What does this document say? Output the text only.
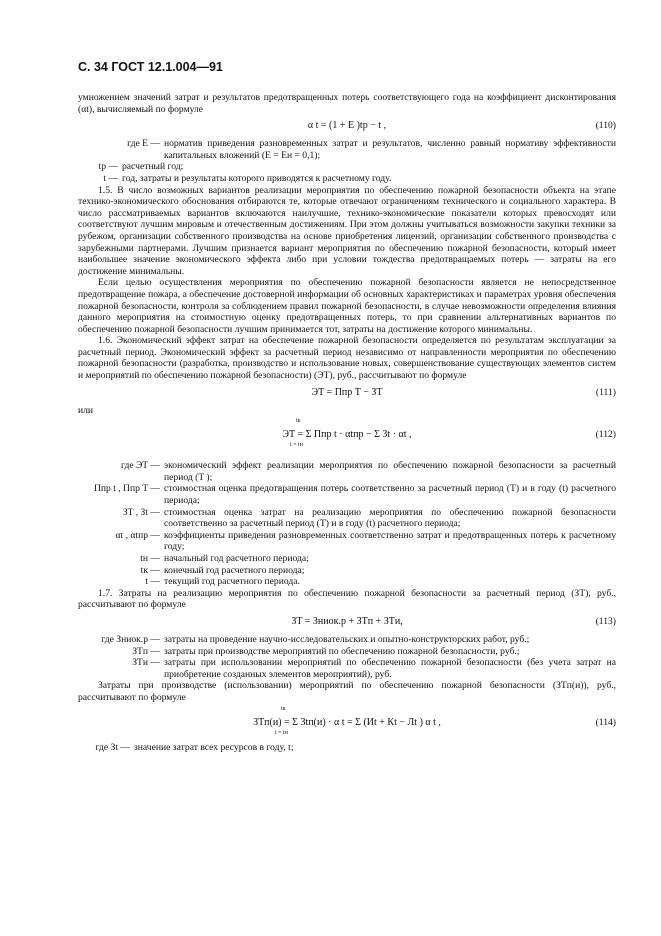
С. 34 ГОСТ 12.1.004—91

умножением значений затрат и результатов предотвращенных потерь соответствующего года на коэффициент дисконтирования (αt), вычисляемый по формуле

α t = (1 + E )tр − t ,	(110)
где E — норматив приведения разновременных затрат и результатов, численно равный нормативу эффективности капитальных вложений (E = Eн = 0,1);
tр — расчетный год;
t — год, затраты и результаты которого приводятся к расчетному году.

1.5. В число возможных вариантов реализации мероприятия по обеспечению пожарной безопасности объекта на этапе технико-экономического обоснования отбираются те, которые отвечают ограничениям технического и социального характера. В число рассматриваемых вариантов включаются наилучшие, технико-экономические показатели которых превосходят или соответствуют лучшим мировым и отечественным достижениям. При этом должны учитываться возможности закупки техники за рубежом, организации собственного производства на основе приобретения лицензий, организации собственного производства с зарубежными партнерами. Лучшим признается вариант мероприятия по обеспечению пожарной безопасности, который имеет наибольшее значение экономического эффекта либо при условии тождества предотвращаемых потерь — затраты на его достижение минимальны.

Если целью осуществления мероприятия по обеспечению пожарной безопасности является не непосредственное предотвращение пожара, а обеспечение достоверной информации об основных характеристиках и параметрах уровня обеспечения пожарной безопасности, контроля за соблюдением правил пожарной безопасности, в случае невозможности определения влияния данного мероприятия на стоимостную оценку предотвращенных потерь, то при сравнении альтернативных вариантов по обеспечению пожарной безопасности лучшим принимается тот, затраты на достижение которого минимальны.

1.6. Экономический эффект затрат на обеспечение пожарной безопасности определяется по результатам эксплуатации за расчетный период. Экономический эффект за расчетный период независимо от направленности мероприятия по обеспечению пожарной безопасности (разработка, производство и использование новых, совершенствование существующих элементов систем и мероприятий по обеспечению пожарной безопасности) (ЭT), руб., рассчитывают по формуле

ЭT = Ппр T − ЗT	(111)

или

tк
ЭT = Σ Ппр t · αtпр − Σ Зt · αt ,
t = tн
(112)
где ЭT — экономический эффект реализации мероприятия по обеспечению пожарной безопасности за расчетный период (T );
Ппр t , Ппр T — стоимостная оценка предотвращения потерь соответственно за расчетный период (T) и в году (t) расчетного периода;
ЗT , Зt — стоимостная оценка затрат на реализацию мероприятия по обеспечению пожарной безопасности соответственно за расчетный период (T) и в году (t) расчетного периода;
αt , αtпр — коэффициенты приведения разновременных соответственно затрат и предотвращенных потерь к расчетному году;
tн — начальный год расчетного периода;
tк — конечный год расчетного периода;
t — текущий год расчетного периода.

1.7. Затраты на реализацию мероприятия по обеспечению пожарной безопасности за расчетный период (ЗT), руб., рассчитывают по формуле

ЗT = Зниок.р + ЗTп + ЗTи,	(113)
где Зниок.р — затраты на проведение научно-исследовательских и опытно-конструкторских работ, руб.;
ЗTп — затраты при производстве мероприятий по обеспечению пожарной безопасности, руб.;
ЗTи — затраты при использовании мероприятий по обеспечению пожарной безопасности (без учета затрат на приобретение созданных элементов мероприятий), руб.

Затраты при производстве (использовании) мероприятий по обеспечению пожарной безопасности (ЗTп(и)), руб., рассчитывают по формуле

tк
ЗTп(и) = Σ Зtп(и) · α t = Σ (Иt + Кt − Лt ) α t ,
t = tн
(114)
где Зt — значение затрат всех ресурсов в году, t;
